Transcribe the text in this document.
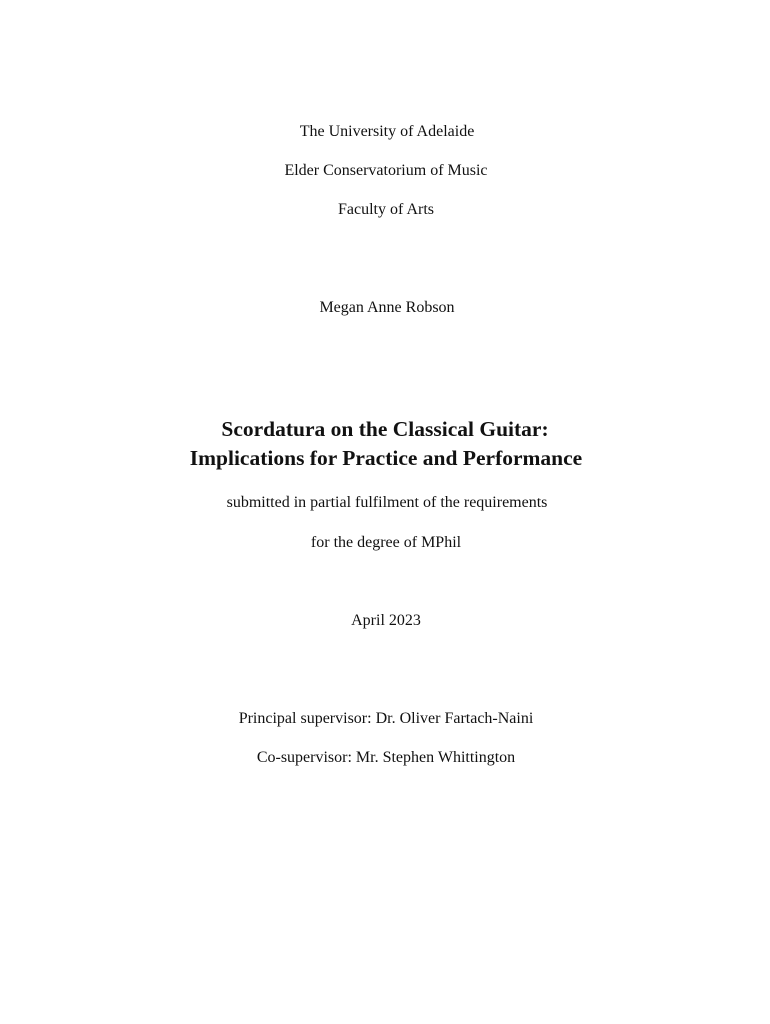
The University of Adelaide
Elder Conservatorium of Music
Faculty of Arts
Megan Anne Robson
Scordatura on the Classical Guitar:
Implications for Practice and Performance
submitted in partial fulfilment of the requirements
for the degree of MPhil
April 2023
Principal supervisor: Dr. Oliver Fartach-Naini
Co-supervisor: Mr. Stephen Whittington
